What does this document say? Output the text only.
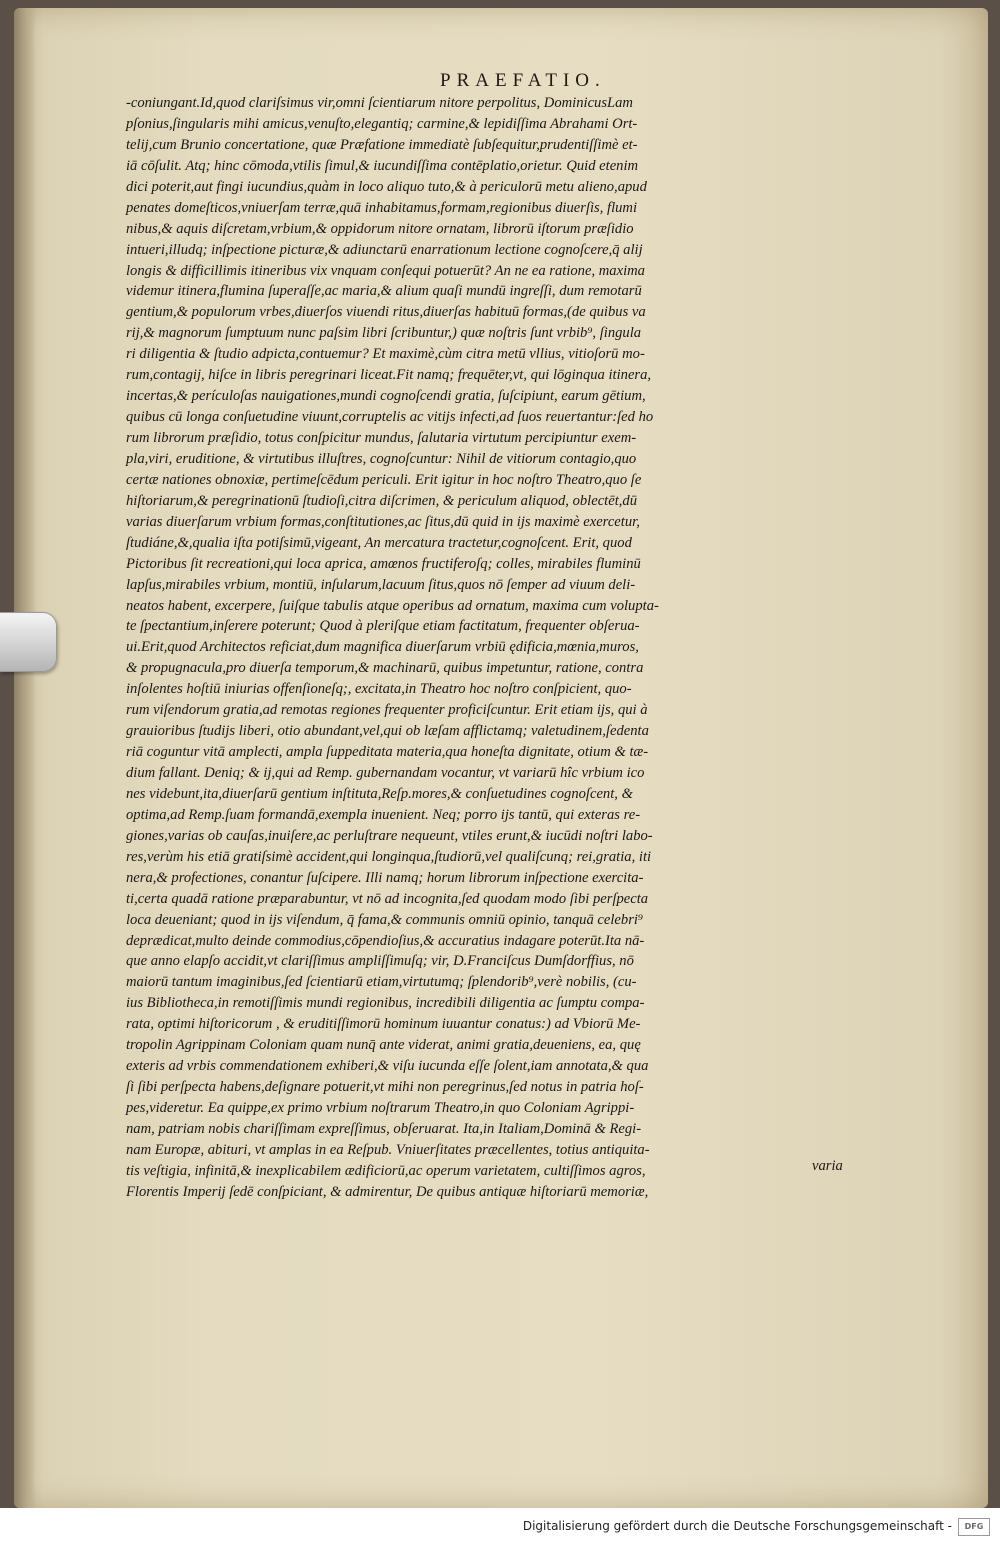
PRAEFATIO.
-coniungant.Id,quod clariſsimus vir,omni ſcientiarum nitore perpolitus, DominicusLam
pſonius,ſingularis mihi amicus,venuſto,elegantiq; carmine,& lepidiſſima Abrahami Ort-
telij,cum Brunio concertatione, quæ Præfatione immediatè ſubſequitur,prudentiſſimè et-
iā cōſulit. Atq; hinc cōmoda,vtilis ſimul,& iucundiſſima contēplatio,orietur. Quid etenim
dici poterit,aut fingi iucundius,quàm in loco aliquo tuto,& à periculorū metu alieno,apud
penates domeſticos,vniuerſam terræ,quā inhabitamus,formam,regionibus diuerſis, flumi
nibus,& aquis diſcretam,vrbium,& oppidorum nitore ornatam, librorū iſtorum præſidio
intueri,illudq; inſpectione picturæ,& adiunctarū enarrationum lectione cognoſcere,q̄ alij
longis & difficillimis itineribus vix vnquam conſequi potuerūt? An ne ea ratione, maxima
videmur itinera,flumina ſuperaſſe,ac maria,& alium quaſi mundū ingreſſi, dum remotarū
gentium,& populorum vrbes,diuerſos viuendi ritus,diuerſas habituū formas,(de quibus va
rij,& magnorum ſumptuum nunc paſsim libri ſcribuntur,) quæ noſtris ſunt vrbib⁹, ſingula
ri diligentia & ſtudio adpicta,contuemur? Et maximè,cùm citra metū vllius, vitioſorū mo-
rum,contagij, hiſce in libris peregrinari liceat.Fit namq; frequēter,vt, qui lōginqua itinera,
incertas,& perículoſas nauigationes,mundi cognoſcendi gratia, ſuſcipiunt, earum gētium,
quibus cū longa conſuetudine viuunt,corruptelis ac vitijs infecti,ad ſuos reuertantur:ſed ho
rum librorum præſidio, totus conſpicitur mundus, ſalutaria virtutum percipiuntur exem-
pla,viri, eruditione, & virtutibus illuſtres, cognoſcuntur: Nihil de vitiorum contagio,quo
certæ nationes obnoxiæ, pertimeſcēdum periculi. Erit igitur in hoc noſtro Theatro,quo ſe
hiſtoriarum,& peregrinationū ſtudioſi,citra diſcrimen, & periculum aliquod, oblectēt,dū
varias diuerſarum vrbium formas,conſtitutiones,ac ſitus,dū quid in ijs maximè exercetur,
ſtudiáne,&,qualia iſta potiſsimū,vigeant, An mercatura tractetur,cognoſcent. Erit, quod
Pictoribus ſit recreationi,qui loca aprica, amœnos fructiferoſq; colles, mirabiles fluminū
lapſus,mirabiles vrbium, montiū, inſularum,lacuum ſitus,quos nō ſemper ad viuum deli-
neatos habent, excerpere, ſuiſque tabulis atque operibus ad ornatum, maxima cum volupta-
te ſpectantium,inſerere poterunt; Quod à pleriſque etiam factitatum, frequenter obſerua-
ui.Erit,quod Architectos reficiat,dum magnifica diuerſarum vrbiū ędificia,mœnia,muros,
& propugnacula,pro diuerſa temporum,& machinarū, quibus impetuntur, ratione, contra
inſolentes hoſtiū iniurias offenſioneſq;, excitata,in Theatro hoc noſtro conſpicient, quo-
rum viſendorum gratia,ad remotas regiones frequenter proficiſcuntur. Erit etiam ijs, qui à
grauioribus ſtudijs liberi, otio abundant,vel,qui ob læſam afflictamq; valetudinem,ſedenta
riā coguntur vitā amplecti, ampla ſuppeditata materia,qua honeſta dignitate, otium & tæ-
dium fallant. Deniq; & ij,qui ad Remp. gubernandam vocantur, vt variarū hîc vrbium ico
nes videbunt,ita,diuerſarū gentium inſtituta,Reſp.mores,& conſuetudines cognoſcent, &
optima,ad Remp.ſuam formandā,exempla inuenient. Neq; porro ijs tantū, qui exteras re-
giones,varias ob cauſas,inuiſere,ac perluſtrare nequeunt, vtiles erunt,& iucūdi noſtri labo-
res,verùm his etiā gratiſsimè accident,qui longinqua,ſtudiorū,vel qualiſcunq; rei,gratia, iti
nera,& profectiones, conantur ſuſcipere. Illi namq; horum librorum inſpectione exercita-
ti,certa quadā ratione præparabuntur, vt nō ad incognita,ſed quodam modo ſibi perſpecta
loca deueniant; quod in ijs viſendum, q̄ fama,& communis omniū opinio, tanquā celebri⁹
deprædicat,multo deinde commodius,cōpendioſius,& accuratius indagare poterūt.Ita nā-
que anno elapſo accidit,vt clariſſimus ampliſſimuſq; vir, D.Franciſcus Dumſdorffius, nō
maiorū tantum imaginibus,ſed ſcientiarū etiam,virtutumq; ſplendorib⁹,verè nobilis, (cu-
ius Bibliotheca,in remotiſſimis mundi regionibus, incredibili diligentia ac ſumptu compa-
rata, optimi hiſtoricorum , & eruditiſſimorū hominum iuuantur conatus:) ad Vbiorū Me-
tropolin Agrippinam Coloniam quam nunq̄ ante viderat, animi gratia,deueniens, ea, quę
exteris ad vrbis commendationem exhiberi,& viſu iucunda eſſe ſolent,iam annotata,& qua
ſi ſibi perſpecta habens,deſignare potuerit,vt mihi non peregrinus,ſed notus in patria hoſ-
pes,videretur. Ea quippe,ex primo vrbium noſtrarum Theatro,in quo Coloniam Agrippi-
nam, patriam nobis chariſſimam expreſſimus, obſeruarat. Ita,in Italiam,Dominā & Regi-
nam Europæ, abituri, vt amplas in ea Reſpub. Vniuerſitates præcellentes, totius antiquita-
tis veſtigia, infinitā,& inexplicabilem ædificiorū,ac operum varietatem, cultiſſimos agros,
Florentis Imperij ſedē conſpiciant, & admirentur, De quibus antiquæ hiſtoriarū memoriæ,
varia
Digitalisierung gefördert durch die Deutsche Forschungsgemeinschaft -	DFG
